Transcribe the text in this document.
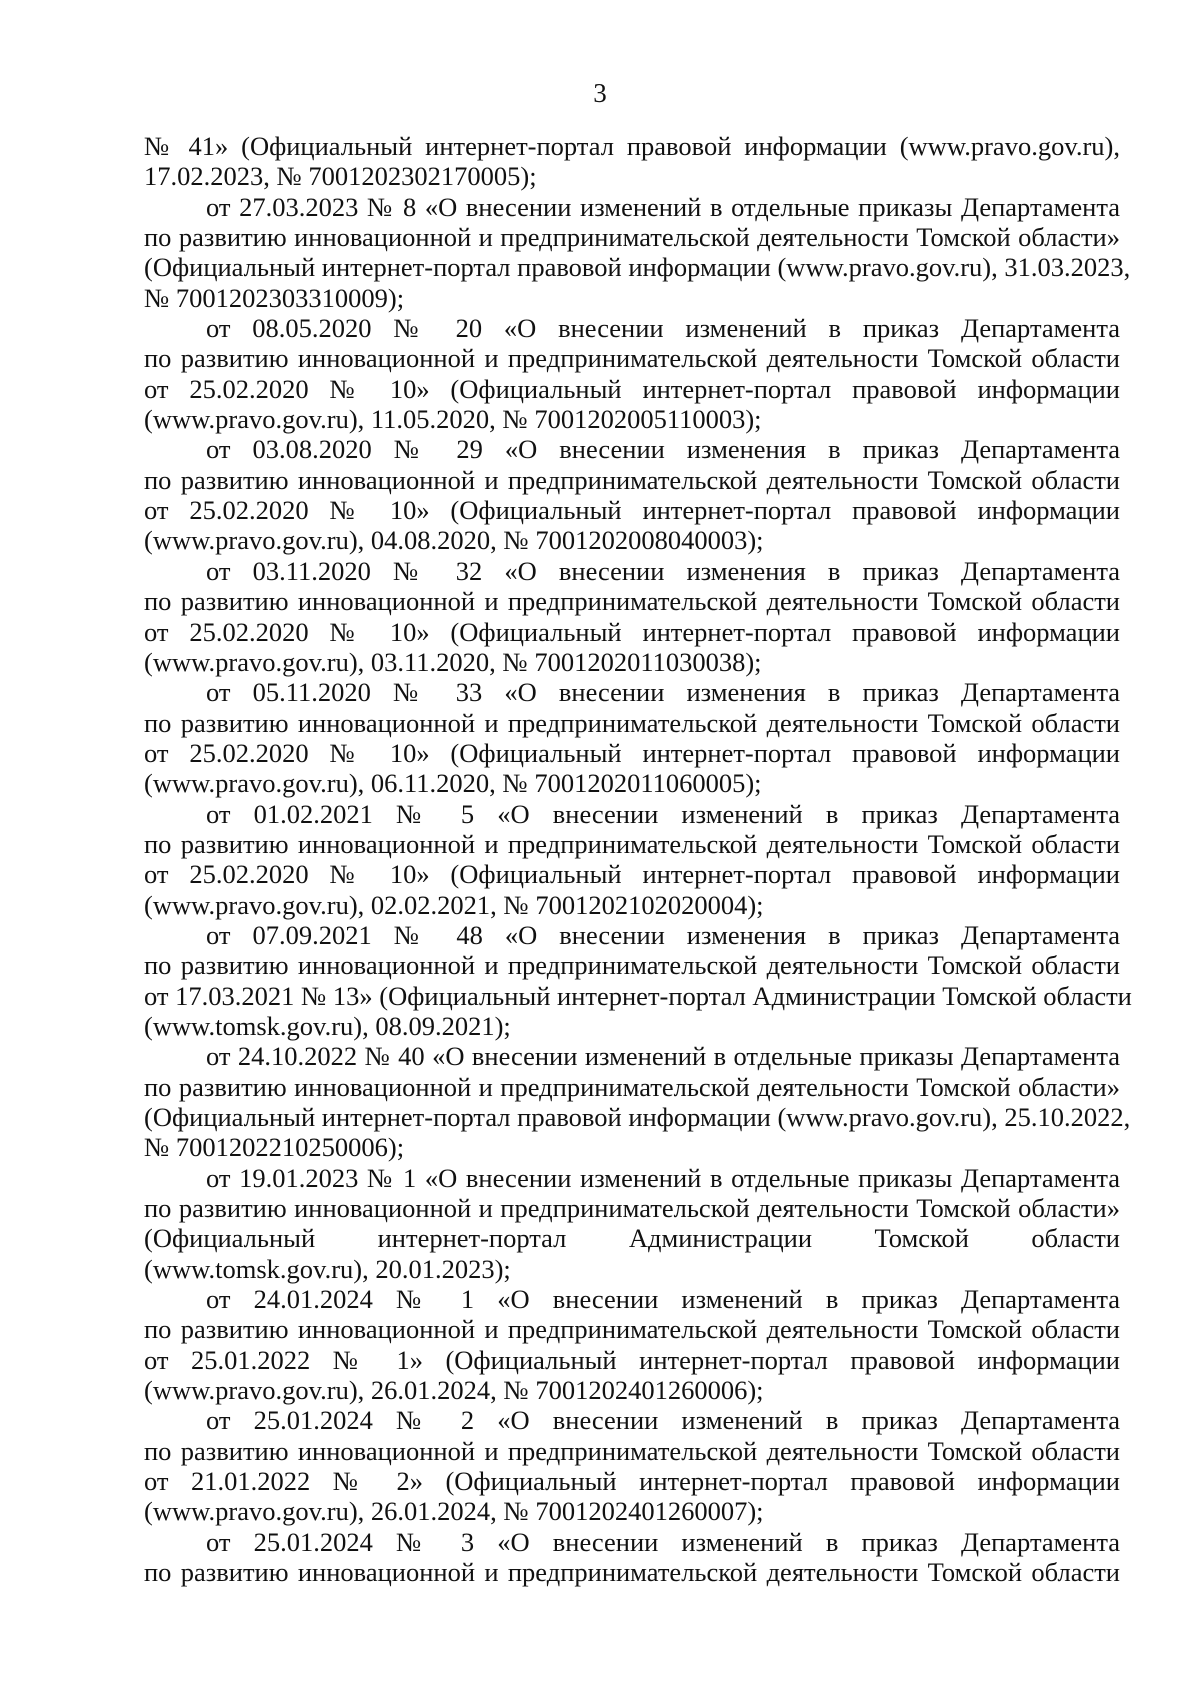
3
№ 41» (Официальный интернет-портал правовой информации (www.pravo.gov.ru),
17.02.2023, № 7001202302170005);
от 27.03.2023 № 8 «О внесении изменений в отдельные приказы Департамента
по развитию инновационной и предпринимательской деятельности Томской области»
(Официальный интернет-портал правовой информации (www.pravo.gov.ru), 31.03.2023,
№ 7001202303310009);
от 08.05.2020 № 20 «О внесении изменений в приказ Департамента
по развитию инновационной и предпринимательской деятельности Томской области
от 25.02.2020 № 10» (Официальный интернет-портал правовой информации
(www.pravo.gov.ru), 11.05.2020, № 7001202005110003);
от 03.08.2020 № 29 «О внесении изменения в приказ Департамента
по развитию инновационной и предпринимательской деятельности Томской области
от 25.02.2020 № 10» (Официальный интернет-портал правовой информации
(www.pravo.gov.ru), 04.08.2020, № 7001202008040003);
от 03.11.2020 № 32 «О внесении изменения в приказ Департамента
по развитию инновационной и предпринимательской деятельности Томской области
от 25.02.2020 № 10» (Официальный интернет-портал правовой информации
(www.pravo.gov.ru), 03.11.2020, № 7001202011030038);
от 05.11.2020 № 33 «О внесении изменения в приказ Департамента
по развитию инновационной и предпринимательской деятельности Томской области
от 25.02.2020 № 10» (Официальный интернет-портал правовой информации
(www.pravo.gov.ru), 06.11.2020, № 7001202011060005);
от 01.02.2021 № 5 «О внесении изменений в приказ Департамента
по развитию инновационной и предпринимательской деятельности Томской области
от 25.02.2020 № 10» (Официальный интернет-портал правовой информации
(www.pravo.gov.ru), 02.02.2021, № 7001202102020004);
от 07.09.2021 № 48 «О внесении изменения в приказ Департамента
по развитию инновационной и предпринимательской деятельности Томской области
от 17.03.2021 № 13» (Официальный интернет-портал Администрации Томской области
(www.tomsk.gov.ru), 08.09.2021);
от 24.10.2022 № 40 «О внесении изменений в отдельные приказы Департамента
по развитию инновационной и предпринимательской деятельности Томской области»
(Официальный интернет-портал правовой информации (www.pravo.gov.ru), 25.10.2022,
№ 7001202210250006);
от 19.01.2023 № 1 «О внесении изменений в отдельные приказы Департамента
по развитию инновационной и предпринимательской деятельности Томской области»
(Официальный интернет-портал Администрации Томской области
(www.tomsk.gov.ru), 20.01.2023);
от 24.01.2024 № 1 «О внесении изменений в приказ Департамента
по развитию инновационной и предпринимательской деятельности Томской области
от 25.01.2022 № 1» (Официальный интернет-портал правовой информации
(www.pravo.gov.ru), 26.01.2024, № 7001202401260006);
от 25.01.2024 № 2 «О внесении изменений в приказ Департамента
по развитию инновационной и предпринимательской деятельности Томской области
от 21.01.2022 № 2» (Официальный интернет-портал правовой информации
(www.pravo.gov.ru), 26.01.2024, № 7001202401260007);
от 25.01.2024 № 3 «О внесении изменений в приказ Департамента
по развитию инновационной и предпринимательской деятельности Томской области
